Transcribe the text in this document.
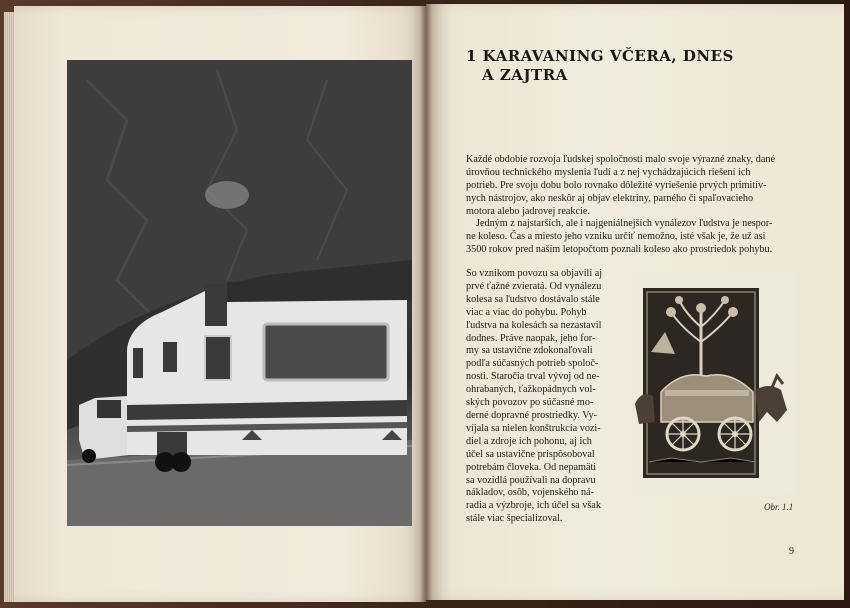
1 KARAVANING VČERA, DNES
A ZAJTRA
Každé obdobie rozvoja ľudskej spoločnosti malo svoje výrazné znaky, dané
úrovňou technického myslenia ľudí a z nej vychádzajúcich riešení ich
potrieb. Pre svoju dobu bolo rovnako dôležité vyriešenie prvých primitív-
nych nástrojov, ako neskôr aj objav elektriny, parného či spaľovacieho
motora alebo jadrovej reakcie.
Jedným z najstarších, ale i najgeniálnejších vynálezov ľudstva je nespor-
ne koleso. Čas a miesto jeho vzniku určiť nemožno, isté však je, že už asi
3500 rokov pred naším letopočtom poznali koleso ako prostriedok pohybu.
So vznikom povozu sa objavili aj
prvé ťažné zvieratá. Od vynálezu
kolesa sa ľudstvo dostávalo stále
viac a viac do pohybu. Pohyb
ľudstva na kolesách sa nezastavil
dodnes. Práve naopak, jeho for-
my sa ustavične zdokonaľovali
podľa súčasných potrieb spoloč-
nosti. Staročia trval vývoj od ne-
ohrabaných, ťažkopádnych vol-
ských povozov po súčasné mo-
derné dopravné prostriedky. Vy-
víjala sa nielen konštrukcia vozi-
diel a zdroje ich pohonu, aj ich
účel sa ustavične prispôsoboval
potrebám človeka. Od nepamäti
sa vozidlá používali na dopravu
nákladov, osôb, vojenského ná-
radia a výzbroje, ich účel sa však
stále viac špecializoval.
Obr. 1.1
9
